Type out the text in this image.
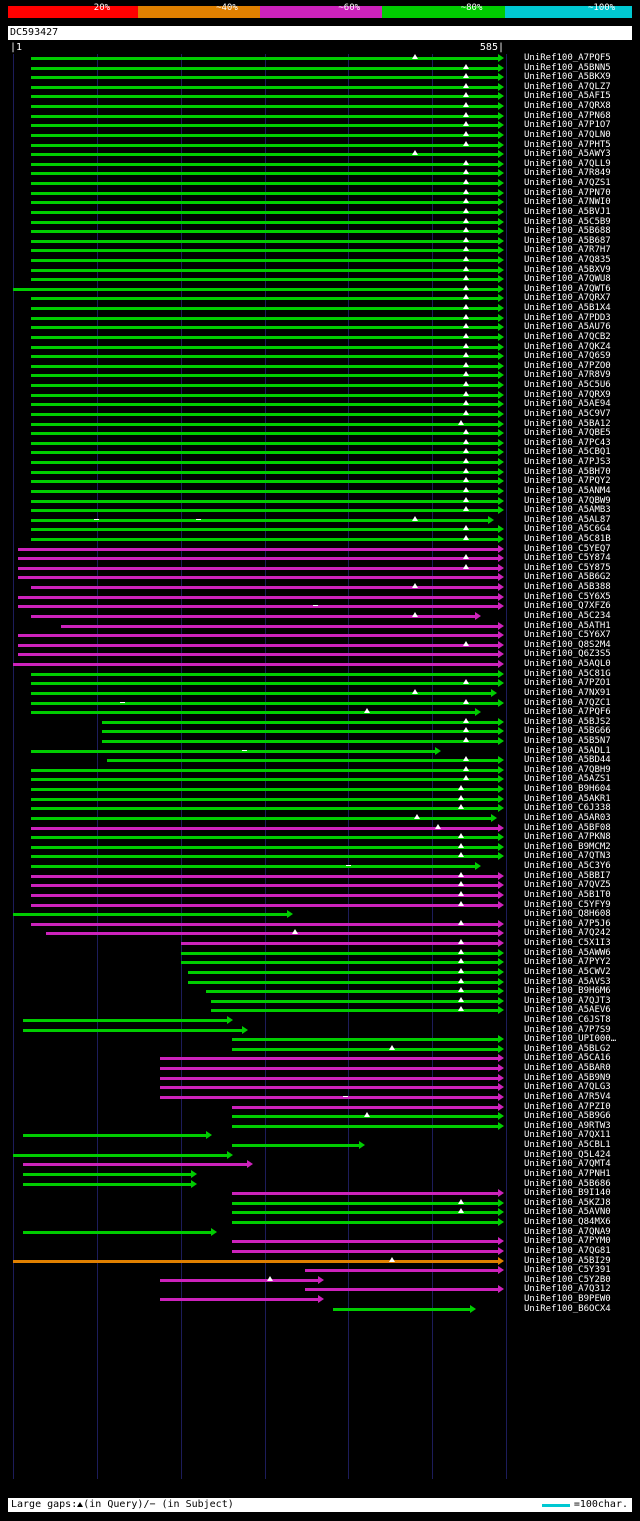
20%	~40%	~60%	~80%	~100%
DC593427
|1	585|
UniRef100_A7PQF5
UniRef100_A5BNN5
UniRef100_A5BKX9
UniRef100_A7QLZ7
UniRef100_A5AFI5
UniRef100_A7QRX8
UniRef100_A7PN68
UniRef100_A7P1O7
UniRef100_A7QLN0
UniRef100_A7PHT5
UniRef100_A5AWY3
UniRef100_A7QLL9
UniRef100_A7R849
UniRef100_A7QZS1
UniRef100_A7PN70
UniRef100_A7NWI0
UniRef100_A5BVJ1
UniRef100_A5C5B9
UniRef100_A5B688
UniRef100_A5B687
UniRef100_A7R7H7
UniRef100_A7Q835
UniRef100_A5BXV9
UniRef100_A7QWU8
UniRef100_A7QWT6
UniRef100_A7QRX7
UniRef100_A5B1X4
UniRef100_A7PDD3
UniRef100_A5AU76
UniRef100_A7QCB2
UniRef100_A7QKZ4
UniRef100_A7Q6S9
UniRef100_A7PZO0
UniRef100_A7R8V9
UniRef100_A5C5U6
UniRef100_A7QRX9
UniRef100_A5AE94
UniRef100_A5C9V7
UniRef100_A5BA12
UniRef100_A7QBE5
UniRef100_A7PC43
UniRef100_A5CBQ1
UniRef100_A7PJS3
UniRef100_A5BH70
UniRef100_A7PQY2
UniRef100_A5ANM4
UniRef100_A7QBW9
UniRef100_A5AMB3
UniRef100_A5AL87
UniRef100_A5C6G4
UniRef100_A5C81B
UniRef100_C5YEQ7
UniRef100_C5Y874
UniRef100_C5Y875
UniRef100_A5B6G2
UniRef100_A5B388
UniRef100_C5Y6X5
UniRef100_Q7XFZ6
UniRef100_A5C234
UniRef100_A5ATH1
UniRef100_C5Y6X7
UniRef100_Q8S2M4
UniRef100_Q6Z3S5
UniRef100_A5AQL0
UniRef100_A5C81G
UniRef100_A7PZO1
UniRef100_A7NX91
UniRef100_A7QZC1
UniRef100_A7PQF6
UniRef100_A5BJS2
UniRef100_A5BG66
UniRef100_A5B5N7
UniRef100_A5ADL1
UniRef100_A5BD44
UniRef100_A7QBH9
UniRef100_A5AZS1
UniRef100_B9H604
UniRef100_A5AKR1
UniRef100_C6J338
UniRef100_A5AR03
UniRef100_A5BF08
UniRef100_A7PKN8
UniRef100_B9MCM2
UniRef100_A7QTN3
UniRef100_A5C3Y6
UniRef100_A5BBI7
UniRef100_A7QVZ5
UniRef100_A5B1T0
UniRef100_C5YFY9
UniRef100_Q8H608
UniRef100_A7P5J6
UniRef100_A7Q242
UniRef100_C5X1I3
UniRef100_A5AWW6
UniRef100_A7PYY2
UniRef100_A5CWV2
UniRef100_A5AVS3
UniRef100_B9H6M6
UniRef100_A7QJT3
UniRef100_A5AEV6
UniRef100_C6JST8
UniRef100_A7P7S9
UniRef100_UPI000…
UniRef100_A5BLG2
UniRef100_A5CA16
UniRef100_A5BAR0
UniRef100_A5B9N9
UniRef100_A7QLG3
UniRef100_A7R5V4
UniRef100_A7PZI0
UniRef100_A5B9G6
UniRef100_A9RTW3
UniRef100_A7QX11
UniRef100_A5CBL1
UniRef100_Q5L424
UniRef100_A7QMT4
UniRef100_A7PNH1
UniRef100_A5B686
UniRef100_B9I140
UniRef100_A5KZJ8
UniRef100_A5AVN0
UniRef100_Q84MX6
UniRef100_A7QNA9
UniRef100_A7PYM0
UniRef100_A7QG81
UniRef100_A5BI29
UniRef100_C5Y391
UniRef100_C5Y2B0
UniRef100_A7Q312
UniRef100_B9PEW0
UniRef100_B6OCX4
Large gaps: (in Query)/− (in Subject)	=100char.
